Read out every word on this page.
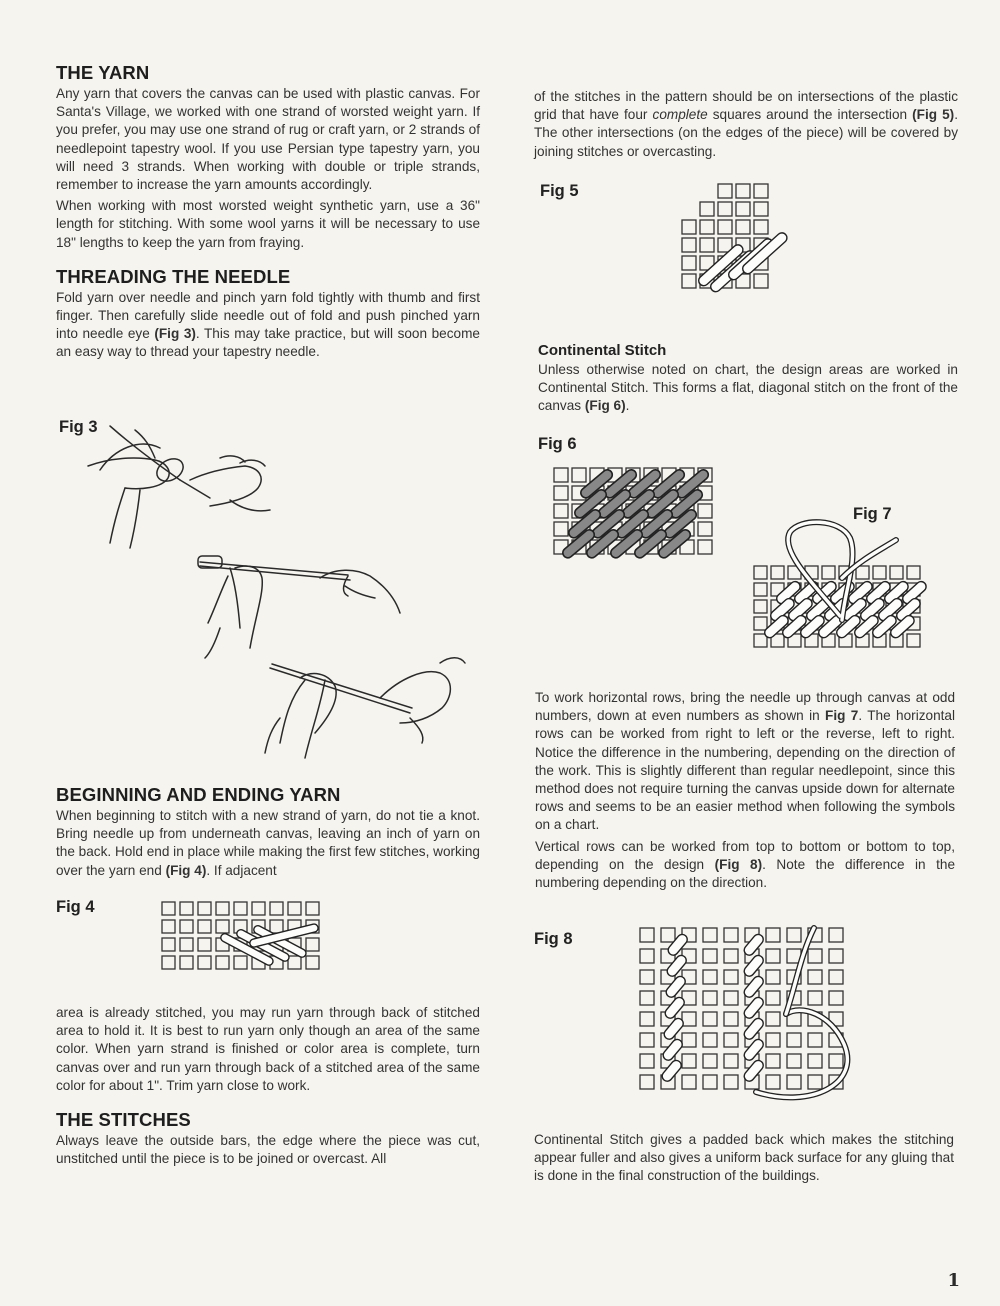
THE YARN

Any yarn that covers the canvas can be used with plastic canvas. For Santa's Village, we worked with one strand of worsted weight yarn. If you prefer, you may use one strand of rug or craft yarn, or 2 strands of needlepoint tapestry wool. If you use Persian type tapestry yarn, you will need 3 strands. When working with double or triple strands, remember to increase the yarn amounts accordingly.

When working with most worsted weight synthetic yarn, use a 36" length for stitching. With some wool yarns it will be necessary to use 18" lengths to keep the yarn from fraying.

THREADING THE NEEDLE

Fold yarn over needle and pinch yarn fold tightly with thumb and first finger. Then carefully slide needle out of fold and push pinched yarn into needle eye (Fig 3). This may take practice, but will soon become an easy way to thread your tapestry needle.

Fig 3
BEGINNING AND ENDING YARN

When beginning to stitch with a new strand of yarn, do not tie a knot. Bring needle up from underneath canvas, leaving an inch of yarn on the back. Hold end in place while making the first few stitches, working over the yarn end (Fig 4). If adjacent

Fig 4

area is already stitched, you may run yarn through back of stitched area to hold it. It is best to run yarn only though an area of the same color. When yarn strand is finished or color area is complete, turn canvas over and run yarn through back of a stitched area of the same color for about 1". Trim yarn close to work.

THE STITCHES

Always leave the outside bars, the edge where the piece was cut, unstitched until the piece is to be joined or overcast. All

of the stitches in the pattern should be on intersections of the plastic grid that have four complete squares around the intersection (Fig 5). The other intersections (on the edges of the piece) will be covered by joining stitches or overcasting.

Fig 5
Continental Stitch

Unless otherwise noted on chart, the design areas are worked in Continental Stitch. This forms a flat, diagonal stitch on the front of the canvas (Fig 6).

Fig 6
Fig 7

To work horizontal rows, bring the needle up through canvas at odd numbers, down at even numbers as shown in Fig 7. The horizontal rows can be worked from right to left or the reverse, left to right. Notice the difference in the numbering, depending on the direction of the work. This is slightly different than regular needlepoint, since this method does not require turning the canvas upside down for alternate rows and seems to be an easier method when following the symbols on a chart.

Vertical rows can be worked from top to bottom or bottom to top, depending on the design (Fig 8). Note the difference in the numbering depending on the direction.

Fig 8

Continental Stitch gives a padded back which makes the stitching appear fuller and also gives a uniform back surface for any gluing that is done in the final construction of the buildings.

1
